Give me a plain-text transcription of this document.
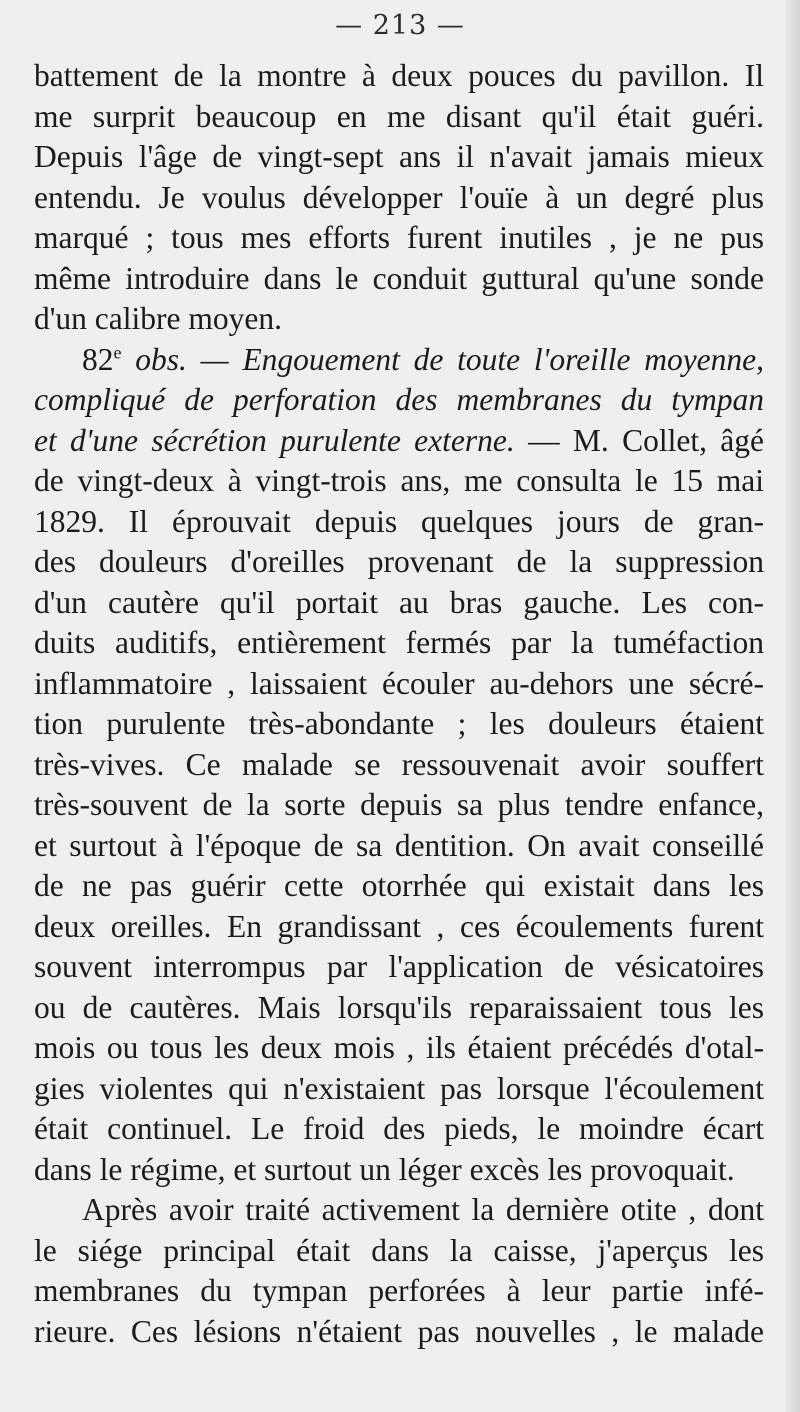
— 213 —
battement de la montre à deux pouces du pavillon. Il
me surprit beaucoup en me disant qu'il était guéri.
Depuis l'âge de vingt-sept ans il n'avait jamais mieux
entendu. Je voulus développer l'ouïe à un degré plus
marqué ; tous mes efforts furent inutiles , je ne pus
même introduire dans le conduit guttural qu'une sonde
d'un calibre moyen.
82e obs. — Engouement de toute l'oreille moyenne,
compliqué de perforation des membranes du tympan
et d'une sécrétion purulente externe. — M. Collet, âgé
de vingt-deux à vingt-trois ans, me consulta le 15 mai
1829. Il éprouvait depuis quelques jours de gran-
des douleurs d'oreilles provenant de la suppression
d'un cautère qu'il portait au bras gauche. Les con-
duits auditifs, entièrement fermés par la tuméfaction
inflammatoire , laissaient écouler au-dehors une sécré-
tion purulente très-abondante ; les douleurs étaient
très-vives. Ce malade se ressouvenait avoir souffert
très-souvent de la sorte depuis sa plus tendre enfance,
et surtout à l'époque de sa dentition. On avait conseillé
de ne pas guérir cette otorrhée qui existait dans les
deux oreilles. En grandissant , ces écoulements furent
souvent interrompus par l'application de vésicatoires
ou de cautères. Mais lorsqu'ils reparaissaient tous les
mois ou tous les deux mois , ils étaient précédés d'otal-
gies violentes qui n'existaient pas lorsque l'écoulement
était continuel. Le froid des pieds, le moindre écart
dans le régime, et surtout un léger excès les provoquait.
Après avoir traité activement la dernière otite , dont
le siége principal était dans la caisse, j'aperçus les
membranes du tympan perforées à leur partie infé-
rieure. Ces lésions n'étaient pas nouvelles , le malade
